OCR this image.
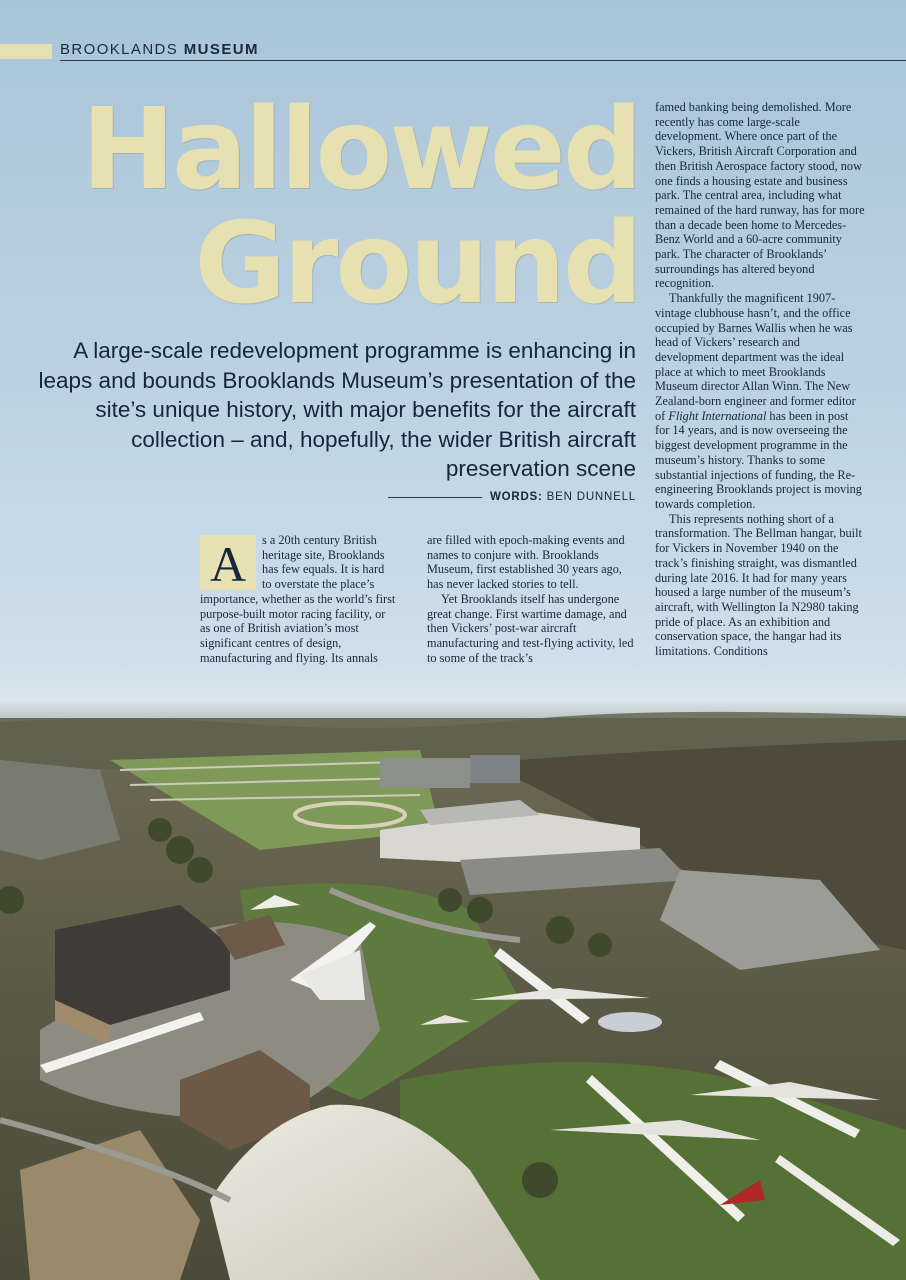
BROOKLANDS MUSEUM
Hallowed
Ground
A large-scale redevelopment programme is enhancing in leaps and bounds Brooklands Museum’s presentation of the site’s unique history, with major benefits for the aircraft collection – and, hopefully, the wider British aircraft preservation scene
WORDS: BEN DUNNELL
A	s a 20th century British heritage site, Brooklands has few equals. It is hard to overstate the place’s importance, whether as the world’s first purpose-built motor racing facility, or as one of British aviation’s most significant centres of design, manufacturing and flying. Its annals

are filled with epoch-making events and names to conjure with. Brooklands Museum, first established 30 years ago, has never lacked stories to tell.

Yet Brooklands itself has undergone great change. First wartime damage, and then Vickers’ post-war aircraft manufacturing and test-flying activity, led to some of the track’s

famed banking being demolished. More recently has come large-scale development. Where once part of the Vickers, British Aircraft Corporation and then British Aerospace factory stood, now one finds a housing estate and business park. The central area, including what remained of the hard runway, has for more than a decade been home to Mercedes-Benz World and a 60-acre community park. The character of Brooklands’ surroundings has altered beyond recognition.

Thankfully the magnificent 1907-vintage clubhouse hasn’t, and the office occupied by Barnes Wallis when he was head of Vickers’ research and development department was the ideal place at which to meet Brooklands Museum director Allan Winn. The New Zealand-born engineer and former editor of Flight International has been in post for 14 years, and is now overseeing the biggest development programme in the museum’s history. Thanks to some substantial injections of funding, the Re-engineering Brooklands project is moving towards completion.

This represents nothing short of a transformation. The Bellman hangar, built for Vickers in November 1940 on the track’s finishing straight, was dismantled during late 2016. It had for many years housed a large number of the museum’s aircraft, with Wellington Ia N2980 taking pride of place. As an exhibition and conservation space, the hangar had its limitations. Conditions
